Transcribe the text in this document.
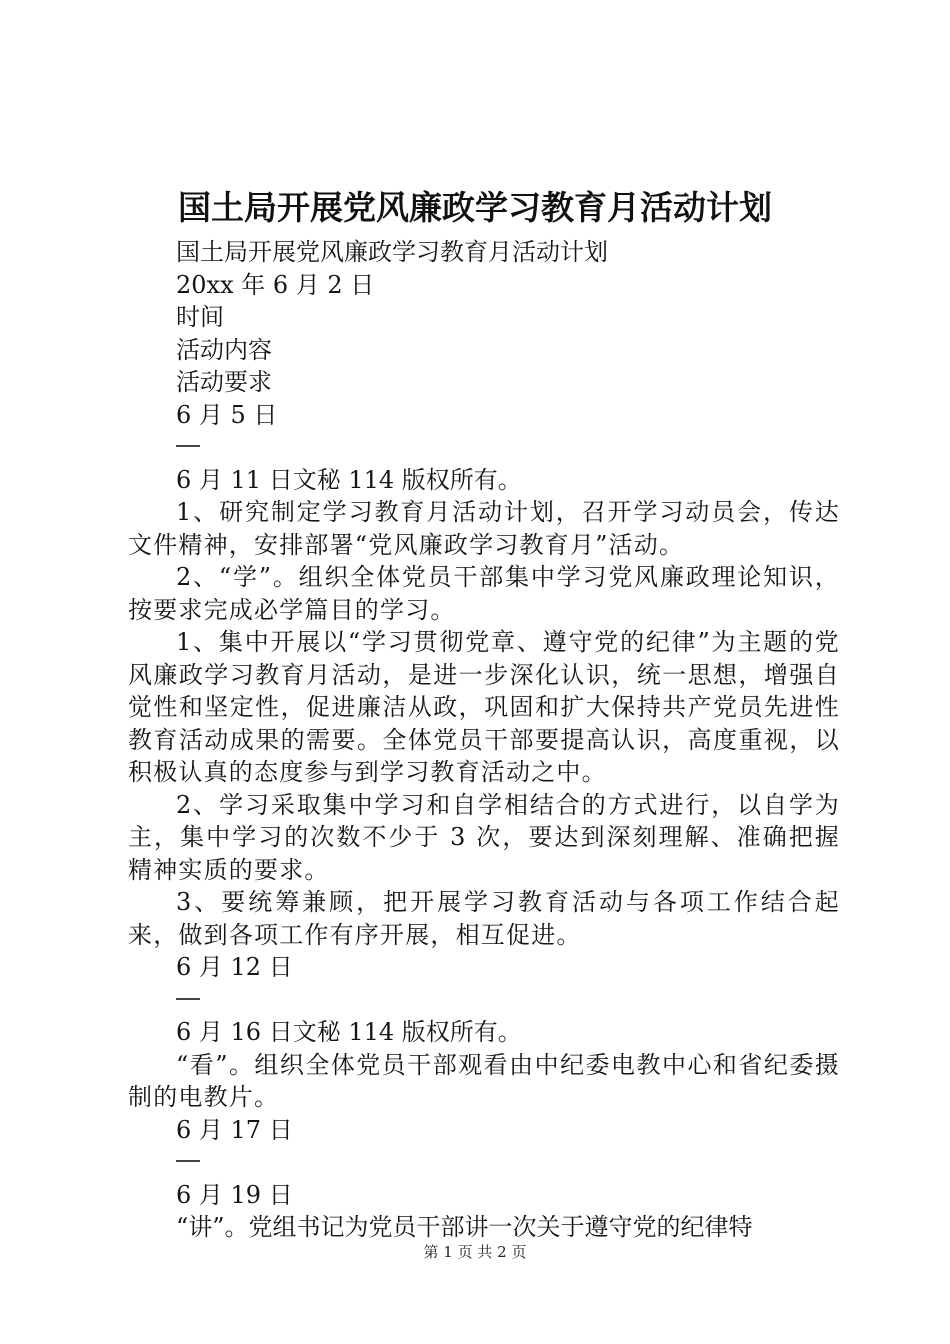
国土局开展党风廉政学习教育月活动计划
国土局开展党风廉政学习教育月活动计划
20xx 年 6 月 2 日
时间
活动内容
活动要求
6 月 5 日
6 月 11 日文秘 114 版权所有。
1、研究制定学习教育月活动计划，召开学习动员会，传达文件精神，安排部署“党风廉政学习教育月”活动。
2、“学”。组织全体党员干部集中学习党风廉政理论知识，按要求完成必学篇目的学习。
1、集中开展以“学习贯彻党章、遵守党的纪律”为主题的党风廉政学习教育月活动，是进一步深化认识，统一思想，增强自觉性和坚定性，促进廉洁从政，巩固和扩大保持共产党员先进性教育活动成果的需要。全体党员干部要提高认识，高度重视，以积极认真的态度参与到学习教育活动之中。
2、学习采取集中学习和自学相结合的方式进行，以自学为主，集中学习的次数不少于 3 次，要达到深刻理解、准确把握精神实质的要求。
3、要统筹兼顾，把开展学习教育活动与各项工作结合起来，做到各项工作有序开展，相互促进。
6 月 12 日
6 月 16 日文秘 114 版权所有。
“看”。组织全体党员干部观看由中纪委电教中心和省纪委摄制的电教片。
6 月 17 日
6 月 19 日
“讲”。党组书记为党员干部讲一次关于遵守党的纪律特
第 1 页 共 2 页
